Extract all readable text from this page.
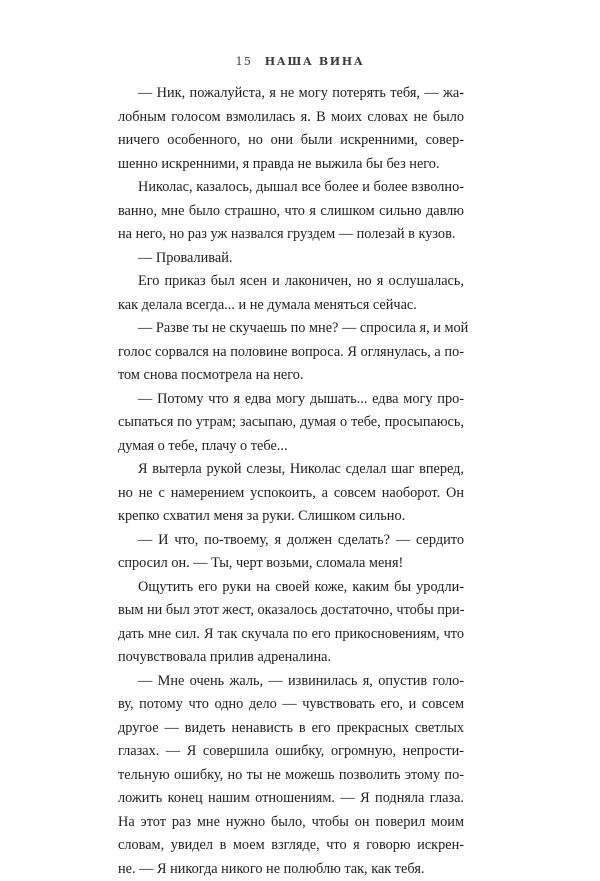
15 НАША ВИНА
— Ник, пожалуйста, я не могу потерять тебя, — жа-
лобным голосом взмолилась я. В моих словах не было
ничего особенного, но они были искренними, совер-
шенно искренними, я правда не выжила бы без него.
Николас, казалось, дышал все более и более взволно-
ванно, мне было страшно, что я слишком сильно давлю
на него, но раз уж назвался груздем — полезай в кузов.
— Проваливай.
Его приказ был ясен и лаконичен, но я ослушалась,
как делала всегда... и не думала меняться сейчас.
— Разве ты не скучаешь по мне? — спросила я, и мой
голос сорвался на половине вопроса. Я оглянулась, а по-
том снова посмотрела на него.
— Потому что я едва могу дышать... едва могу про-
сыпаться по утрам; засыпаю, думая о тебе, просыпаюсь,
думая о тебе, плачу о тебе...
Я вытерла рукой слезы, Николас сделал шаг вперед,
но не с намерением успокоить, а совсем наоборот. Он
крепко схватил меня за руки. Слишком сильно.
— И что, по-твоему, я должен сделать? — сердито
спросил он. — Ты, черт возьми, сломала меня!
Ощутить его руки на своей коже, каким бы уродли-
вым ни был этот жест, оказалось достаточно, чтобы при-
дать мне сил. Я так скучала по его прикосновениям, что
почувствовала прилив адреналина.
— Мне очень жаль, — извинилась я, опустив голо-
ву, потому что одно дело — чувствовать его, и совсем
другое — видеть ненависть в его прекрасных светлых
глазах. — Я совершила ошибку, огромную, непрости-
тельную ошибку, но ты не можешь позволить этому по-
ложить конец нашим отношениям. — Я подняла глаза.
На этот раз мне нужно было, чтобы он поверил моим
словам, увидел в моем взгляде, что я говорю искрен-
не. — Я никогда никого не полюблю так, как тебя.
